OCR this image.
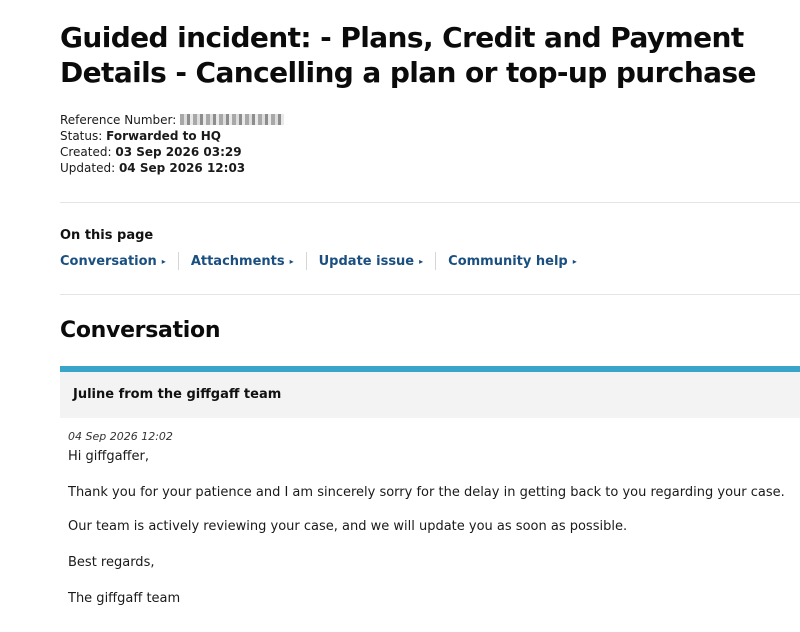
Guided incident: - Plans, Credit and Payment Details - Cancelling a plan or top-up purchase
Reference Number:
Status: Forwarded to HQ
Created: 03 Sep 2026 03:29
Updated: 04 Sep 2026 12:03
On this page
Conversation ▸ Attachments ▸ Update issue ▸ Community help ▸
Conversation
Juline from the giffgaff team
04 Sep 2026 12:02

Hi giffgaffer,

Thank you for your patience and I am sincerely sorry for the delay in getting back to you regarding your case.

Our team is actively reviewing your case, and we will update you as soon as possible.

Best regards,

The giffgaff team
